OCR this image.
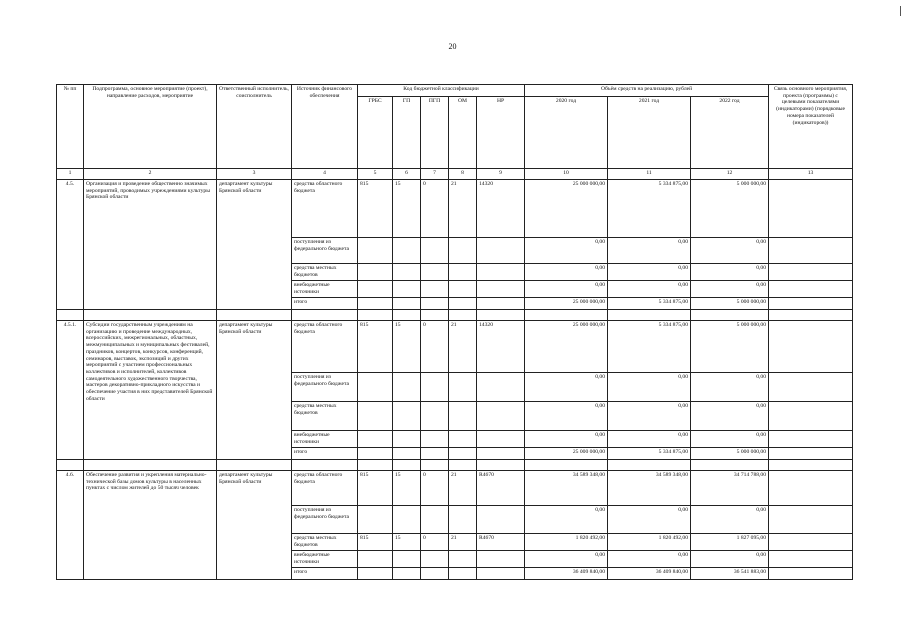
20
№ пп	Подпрограмма, основное мероприятие (проект), направление расходов, мероприятие	Ответственный исполнитель, соисполнитель	Источник финансового обеспечения	Код бюджетной классификации					Объём средств на реализацию, рублей			Связь основного мероприятия, проекта (программы) с целевыми показателями (индикаторами) (порядковые номера показателей (индикаторов))
				ГРБС	ГП	ПГП	ОМ	НР	2020 год	2021 год	2022 год	
1	2	3	4	5	6	7	8	9	10	11	12	13
4.5.	Организация и проведение общественно значимых мероприятий, проводимых учреждениями культуры Брянской области	департамент культуры Брянской области	средства областного бюджета	815	15	0	21	14320	25 000 000,00	5 334 875,00	5 000 000,00	
			поступления из федерального бюджета						0,00	0,00	0,00	
			средства местных бюджетов						0,00	0,00	0,00	
			внебюджетные источники						0,00	0,00	0,00	
			итого						25 000 000,00	5 334 875,00	5 000 000,00	

4.5.1.	Субсидии государственным учреждениям на организацию и проведение международных, всероссийских, межрегиональных, областных, межмуниципальных и муниципальных фестивалей, праздников, концертов, конкурсов, конференций, семинаров, выставок, экспозиций и других мероприятий с участием профессиональных коллективов и исполнителей, коллективов самодеятельного художественного творчества, мастеров декоративно-прикладного искусства и обеспечение участия в них представителей Брянской области	департамент культуры Брянской области	средства областного бюджета	815	15	0	21	14320	25 000 000,00	5 334 875,00	5 000 000,00	
			поступления из федерального бюджета						0,00	0,00	0,00	
			средства местных бюджетов						0,00	0,00	0,00	
			внебюджетные источники						0,00	0,00	0,00	
			итого						25 000 000,00	5 334 875,00	5 000 000,00	

4.6.	Обеспечение развития и укрепления материально-технической базы домов культуры в населенных пунктах с числом жителей до 50 тысяч человек	департамент культуры Брянской области	средства областного бюджета	815	15	0	21	R4670	34 589 348,00	34 589 348,00	34 714 788,00	
			поступления из федерального бюджета						0,00	0,00	0,00	
			средства местных бюджетов	815	15	0	21	R4670	1 820 492,00	1 820 492,00	1 827 095,00	
			внебюджетные источники						0,00	0,00	0,00	
			итого						36 409 840,00	36 409 840,00	36 541 883,00	
